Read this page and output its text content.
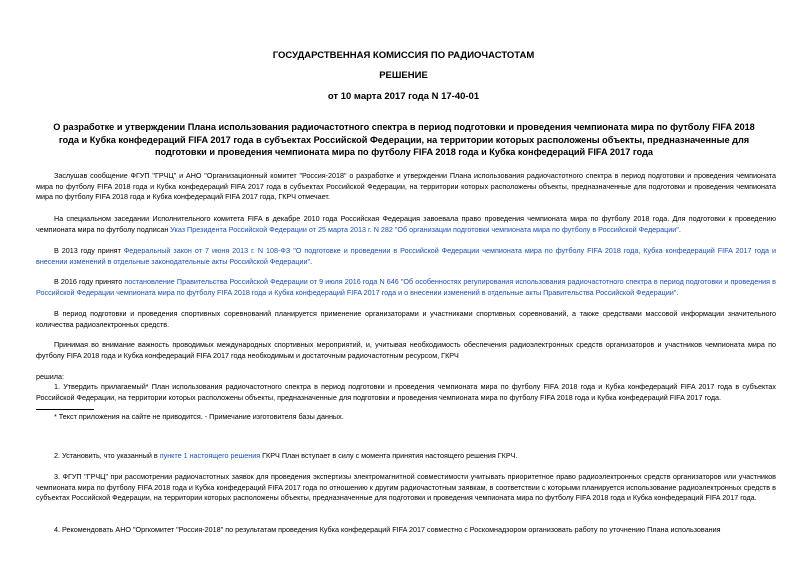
ГОСУДАРСТВЕННАЯ КОМИССИЯ ПО РАДИОЧАСТОТАМ
РЕШЕНИЕ
от 10 марта 2017 года N 17-40-01
О разработке и утверждении Плана использования радиочастотного спектра в период подготовки и проведения чемпионата мира по футболу FIFA 2018 года и Кубка конфедераций FIFA 2017 года в субъектах Российской Федерации, на территории которых расположены объекты, предназначенные для подготовки и проведения чемпионата мира по футболу FIFA 2018 года и Кубка конфедераций FIFA 2017 года
Заслушав сообщение ФГУП "ГРЧЦ" и АНО "Организационный комитет "Россия-2018" о разработке и утверждении Плана использования радиочастотного спектра в период подготовки и проведения чемпионата мира по футболу FIFA 2018 года и Кубка конфедераций FIFA 2017 года в субъектах Российской Федерации, на территории которых расположены объекты, предназначенные для подготовки и проведения чемпионата мира по футболу FIFA 2018 года и Кубка конфедераций FIFA 2017 года, ГКРЧ отмечает.
На специальном заседании Исполнительного комитета FIFA в декабре 2010 года Российская Федерация завоевала право проведения чемпионата мира по футболу 2018 года. Для подготовки к проведению чемпионата мира по футболу подписан Указ Президента Российской Федерации от 25 марта 2013 г. N 282 "Об организации подготовки чемпионата мира по футболу в Российской Федерации".
В 2013 году принят Федеральный закон от 7 июня 2013 г. N 108-ФЗ "О подготовке и проведении в Российской Федерации чемпионата мира по футболу FIFA 2018 года, Кубка конфедераций FIFA 2017 года и внесении изменений в отдельные законодательные акты Российской Федерации".
В 2016 году принято постановление Правительства Российской Федерации от 9 июля 2016 года N 646 "Об особенностях регулирования использования радиочастотного спектра в период подготовки и проведения в Российской Федерации чемпионата мира по футболу FIFA 2018 года и Кубка конфедераций FIFA 2017 года и о внесении изменений в отдельные акты Правительства Российской Федерации".
В период подготовки и проведения спортивных соревнований планируется применение организаторами и участниками спортивных соревнований, а также средствами массовой информации значительного количества радиоэлектронных средств.
Принимая во внимание важность проводимых международных спортивных мероприятий, и, учитывая необходимость обеспечения радиоэлектронных средств организаторов и участников чемпионата мира по футболу FIFA 2018 года и Кубка конфедераций FIFA 2017 года необходимым и достаточным радиочастотным ресурсом, ГКРЧ
решила:
1. Утвердить прилагаемый* План использования радиочастотного спектра в период подготовки и проведения чемпионата мира по футболу FIFA 2018 года и Кубка конфедераций FIFA 2017 года в субъектах Российской Федерации, на территории которых расположены объекты, предназначенные для подготовки и проведения чемпионата мира по футболу FIFA 2018 года и Кубка конфедераций FIFA 2017 года.
* Текст приложения на сайте не приводится. - Примечание изготовителя базы данных.
2. Установить, что указанный в пункте 1 настоящего решения ГКРЧ План вступает в силу с момента принятия настоящего решения ГКРЧ.
3. ФГУП "ГРЧЦ" при рассмотрении радиочастотных заявок для проведения экспертизы электромагнитной совместимости учитывать приоритетное право радиоэлектронных средств организаторов или участников чемпионата мира по футболу FIFA 2018 года и Кубка конфедераций FIFA 2017 года по отношению к другим радиочастотным заявкам, в соответствии с которыми планируется использование радиоэлектронных средств в субъектах Российской Федерации, на территории которых расположены объекты, предназначенные для подготовки и проведения чемпионата мира по футболу FIFA 2018 года и Кубка конфедераций FIFA 2017 года.
4. Рекомендовать АНО "Оргкомитет "Россия-2018" по результатам проведения Кубка конфедераций FIFA 2017 совместно с Роскомнадзором организовать работу по уточнению Плана использования
